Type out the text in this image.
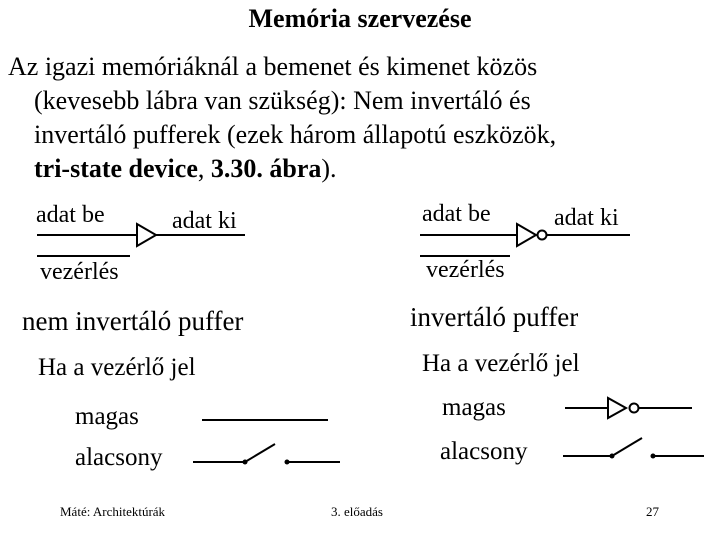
Memória szervezése
Az igazi memóriáknál a bemenet és kimenet közös
(kevesebb lábra van szükség): Nem invertáló és
invertáló pufferek (ezek három állapotú eszközök,
tri-state device, 3.30. ábra).
adat be	adat ki
vezérlés
nem invertáló puffer
Ha a vezérlő jel
magas
alacsony
adat be	adat ki
vezérlés
invertáló puffer
Ha a vezérlő jel
magas
alacsony
Máté: Architektúrák	3. előadás	27
